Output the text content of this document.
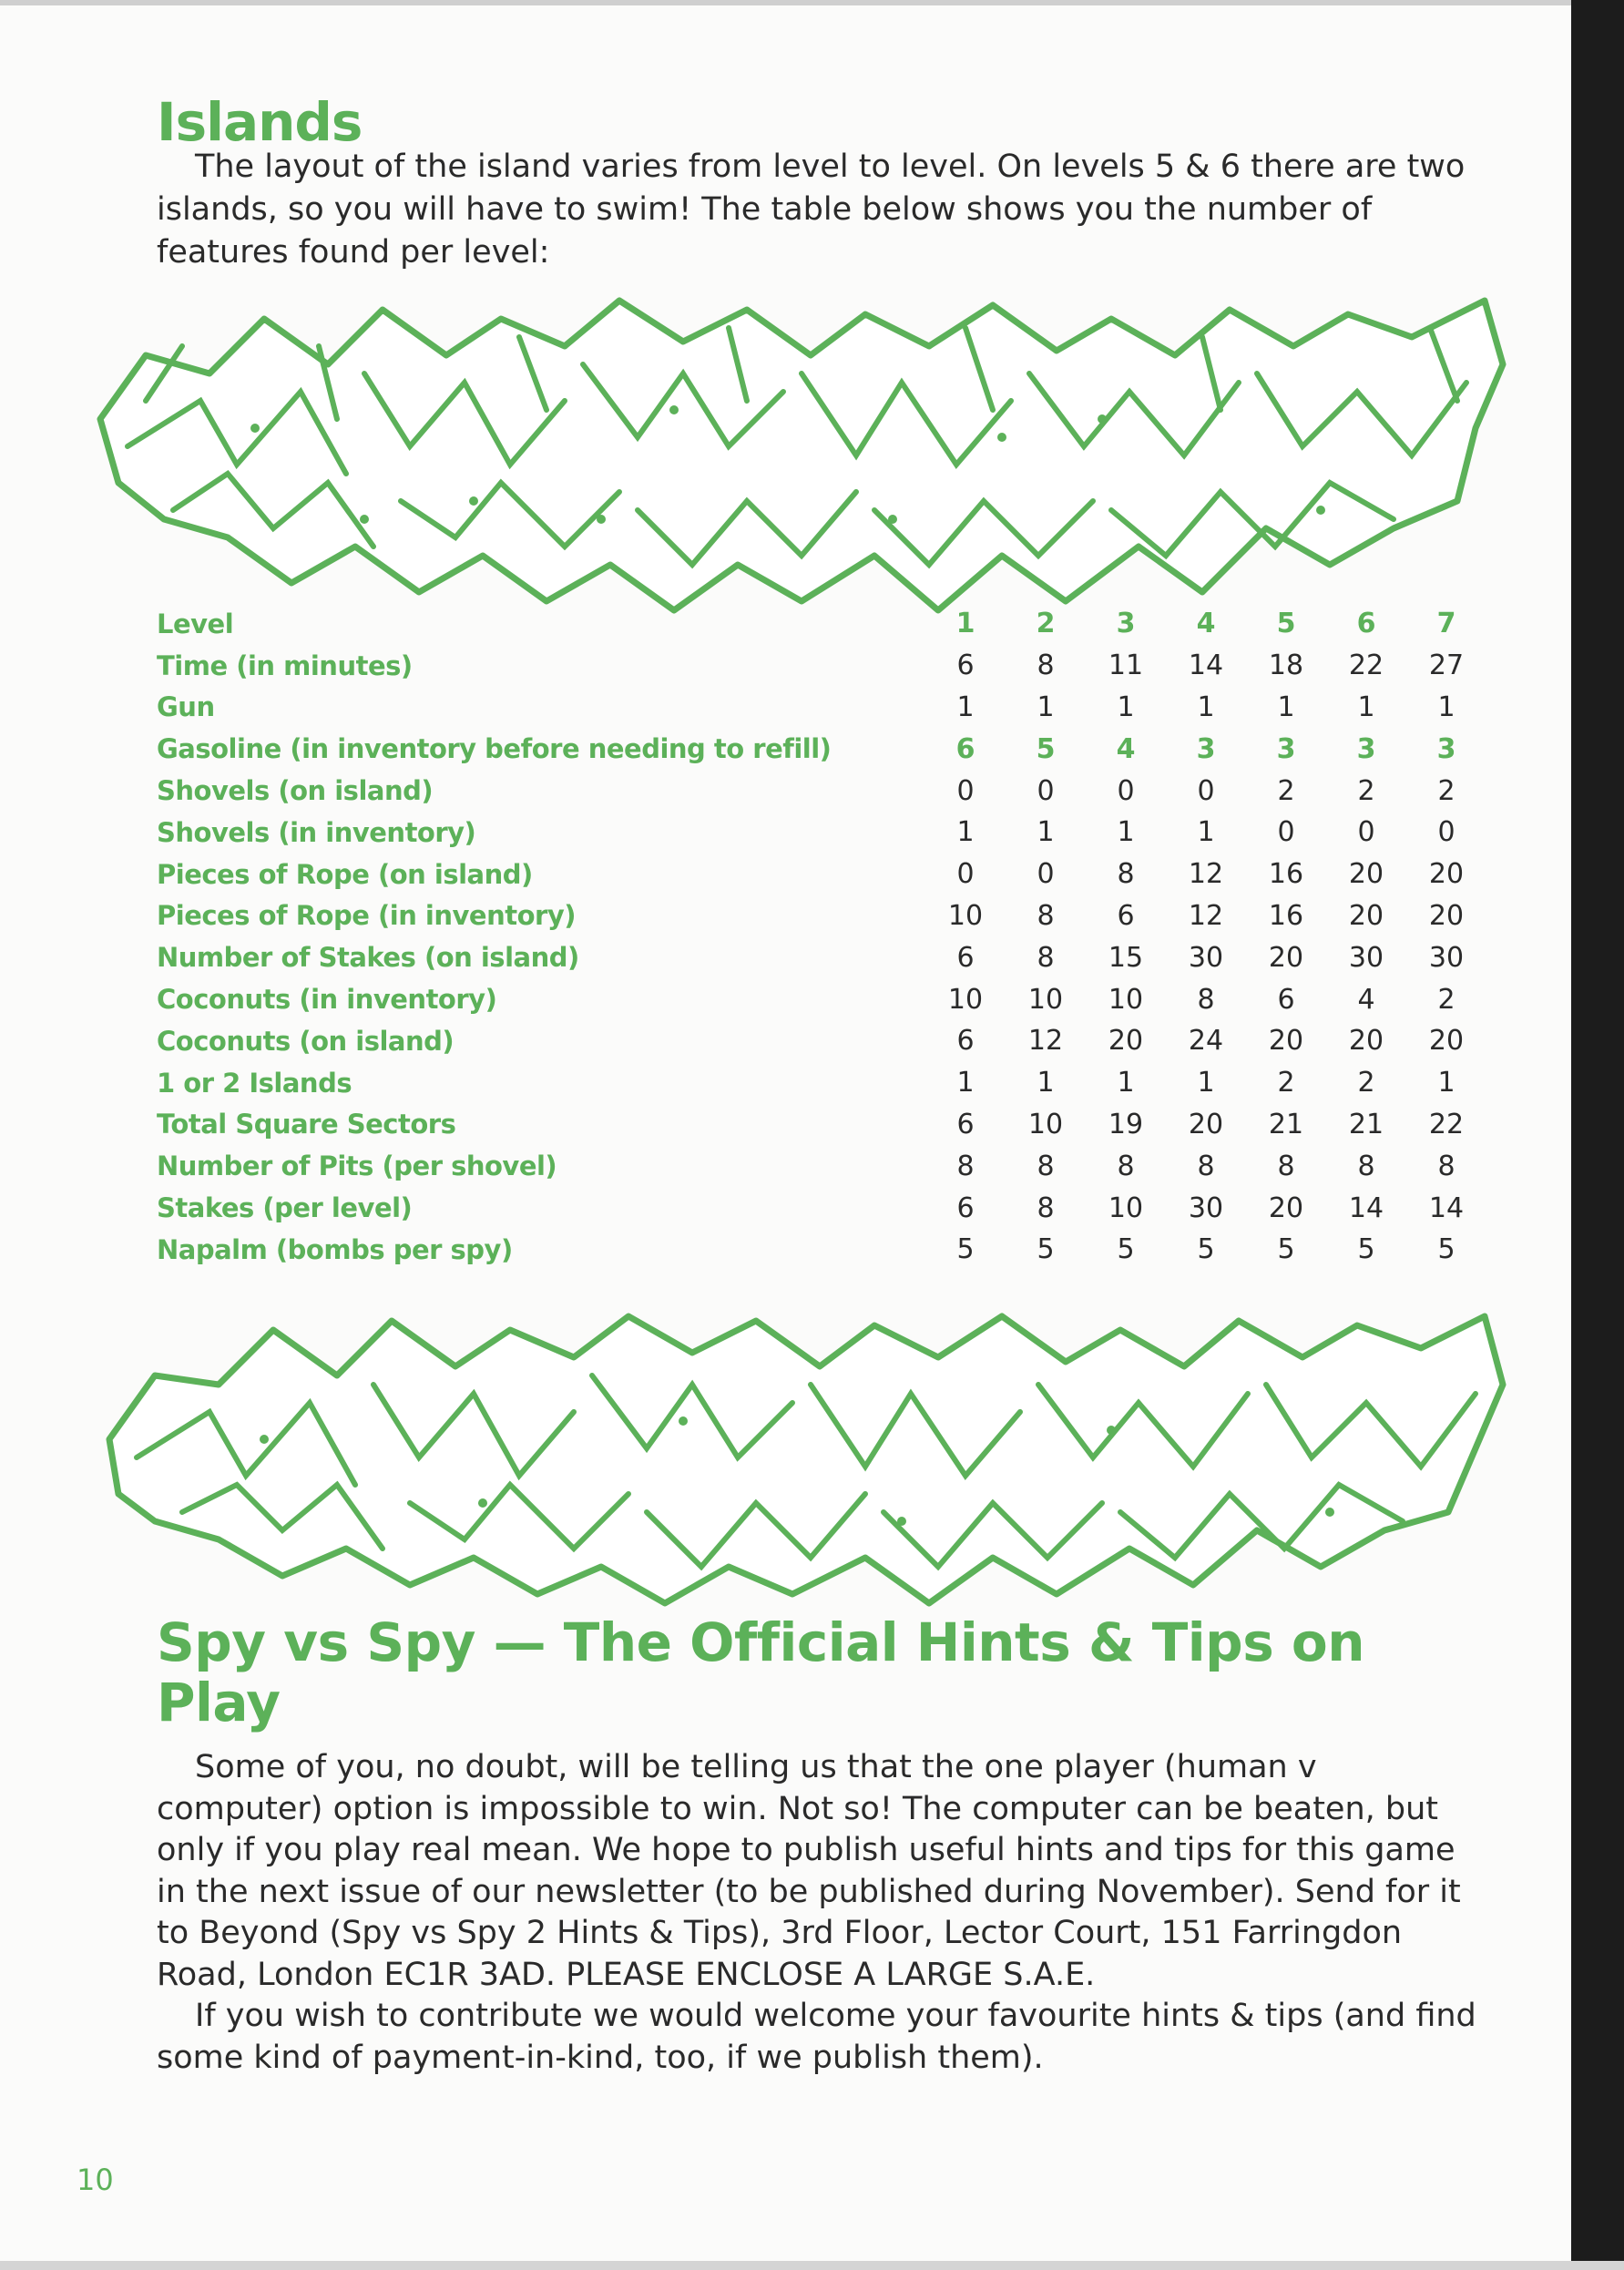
Islands

The layout of the island varies from level to level. On levels 5 & 6 there are two islands, so you will have to swim! The table below shows you the number of features found per level:

Level	1	2	3	4	5	6	7
Time (in minutes)	6	8	11	14	18	22	27
Gun	1	1	1	1	1	1	1
Gasoline (in inventory before needing to refill)	6	5	4	3	3	3	3
Shovels (on island)	0	0	0	0	2	2	2
Shovels (in inventory)	1	1	1	1	0	0	0
Pieces of Rope (on island)	0	0	8	12	16	20	20
Pieces of Rope (in inventory)	10	8	6	12	16	20	20
Number of Stakes (on island)	6	8	15	30	20	30	30
Coconuts (in inventory)	10	10	10	8	6	4	2
Coconuts (on island)	6	12	20	24	20	20	20
1 or 2 Islands	1	1	1	1	2	2	1
Total Square Sectors	6	10	19	20	21	21	22
Number of Pits (per shovel)	8	8	8	8	8	8	8
Stakes (per level)	6	8	10	30	20	14	14
Napalm (bombs per spy)	5	5	5	5	5	5	5
Spy vs Spy — The Official Hints & Tips on Play

Some of you, no doubt, will be telling us that the one player (human v computer) option is impossible to win. Not so! The computer can be beaten, but only if you play real mean. We hope to publish useful hints and tips for this game in the next issue of our newsletter (to be published during November). Send for it to Beyond (Spy vs Spy 2 Hints & Tips), 3rd Floor, Lector Court, 151 Farringdon Road, London EC1R 3AD. PLEASE ENCLOSE A LARGE S.A.E.

If you wish to contribute we would welcome your favourite hints & tips (and find some kind of payment-in-kind, too, if we publish them).

10
